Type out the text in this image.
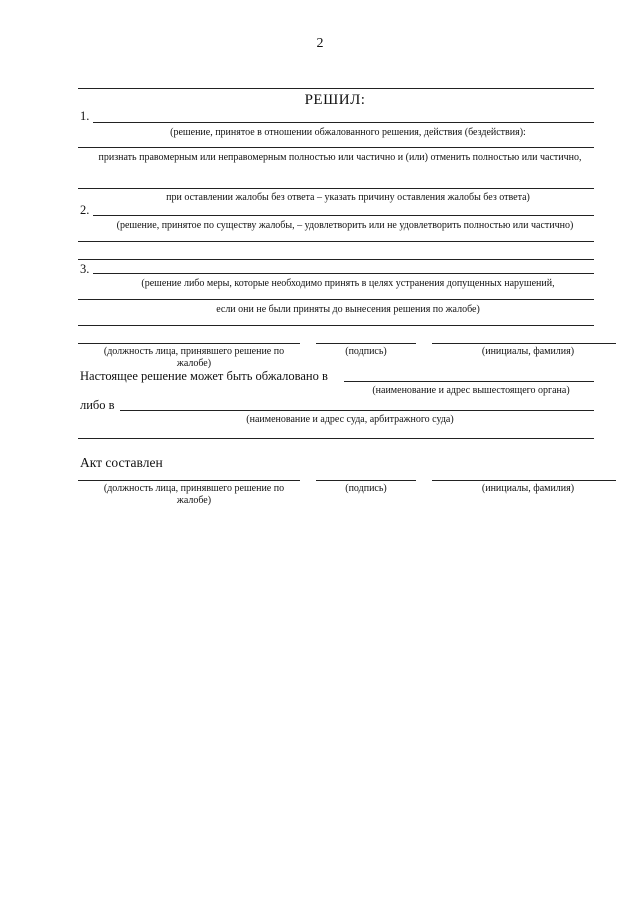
2
РЕШИЛ:
1.
(решение, принятое в отношении обжалованного решения, действия (бездействия):
признать правомерным или неправомерным полностью или частично и (или) отменить полностью или частично,
при оставлении жалобы без ответа – указать причину оставления жалобы без ответа)
2.
(решение, принятое по существу жалобы, – удовлетворить или не удовлетворить полностью или частично)
3.
(решение либо меры, которые необходимо принять в целях устранения допущенных нарушений,
если они не были приняты до вынесения решения по жалобе)
(должность лица, принявшего решение по жалобе)
(подпись)	(инициалы, фамилия)
Настоящее решение может быть обжаловано в
(наименование и адрес вышестоящего органа)
либо в
(наименование и адрес суда, арбитражного суда)
Акт составлен
(должность лица, принявшего решение по жалобе)
(подпись)	(инициалы, фамилия)
